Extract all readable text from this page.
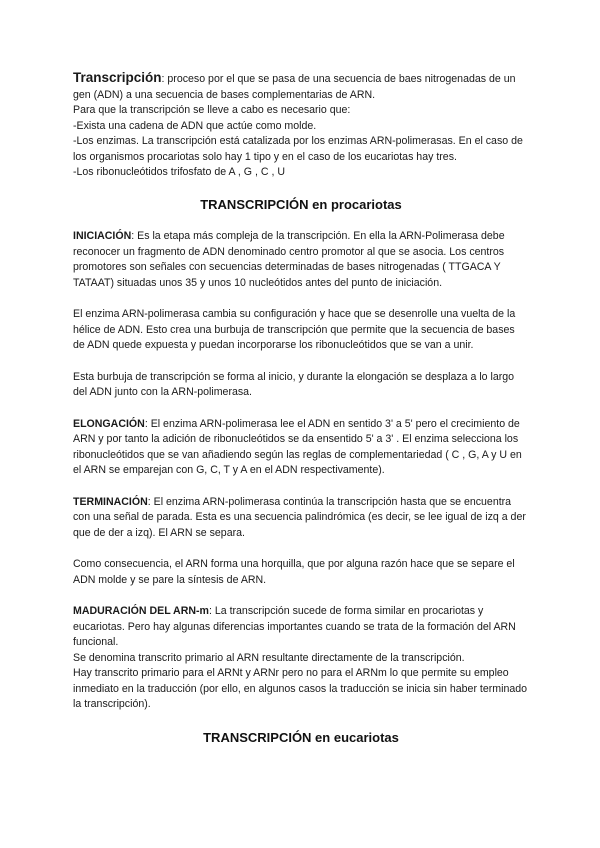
Transcripción: proceso por el que se pasa de una secuencia de baes nitrogenadas de un gen (ADN) a una secuencia de bases complementarias de ARN.

Para que la transcripción se lleve a cabo es necesario que:

-Exista una cadena de ADN que actúe como molde.

-Los enzimas. La transcripción está catalizada por los enzimas ARN-polimerasas. En el caso de los organismos procariotas solo hay 1 tipo y en el caso de los eucariotas hay tres.

-Los ribonucleótidos trifosfato de A , G , C , U

TRANSCRIPCIÓN en procariotas

INICIACIÓN: Es la etapa más compleja de la transcripción. En ella la ARN-Polimerasa debe reconocer un fragmento de ADN denominado centro promotor al que se asocia. Los centros promotores son señales con secuencias determinadas de bases nitrogenadas ( TTGACA Y TATAAT) situadas unos 35 y unos 10 nucleótidos antes del punto de iniciación.

El enzima ARN-polimerasa cambia su configuración y hace que se desenrolle una vuelta de la hélice de ADN. Esto crea una burbuja de transcripción que permite que la secuencia de bases de ADN quede expuesta y puedan incorporarse los ribonucleótidos que se van a unir.

Esta burbuja de transcripción se forma al inicio, y durante la elongación se desplaza a lo largo del ADN junto con la ARN-polimerasa.

ELONGACIÓN: El enzima ARN-polimerasa lee el ADN en sentido 3' a 5' pero el crecimiento de ARN y por tanto la adición de ribonucleótidos se da ensentido 5' a 3' . El enzima selecciona los ribonucleótidos que se van añadiendo según las reglas de complementariedad ( C , G, A y U en el ARN se emparejan con G, C, T y A en el ADN respectivamente).

TERMINACIÓN: El enzima ARN-polimerasa continúa la transcripción hasta que se encuentra con una señal de parada. Esta es una secuencia palindrómica (es decir, se lee igual de izq a der que de der a izq). El ARN se separa.

Como consecuencia, el ARN forma una horquilla, que por alguna razón hace que se separe el ADN molde y se pare la síntesis de ARN.

MADURACIÓN DEL ARN-m: La transcripción sucede de forma similar en procariotas y eucariotas. Pero hay algunas diferencias importantes cuando se trata de la formación del ARN funcional.

Se denomina transcrito primario al ARN resultante directamente de la transcripción.

Hay transcrito primario para el ARNt y ARNr pero no para el ARNm lo que permite su empleo inmediato en la traducción (por ello, en algunos casos la traducción se inicia sin haber terminado la transcripción).

TRANSCRIPCIÓN en eucariotas
